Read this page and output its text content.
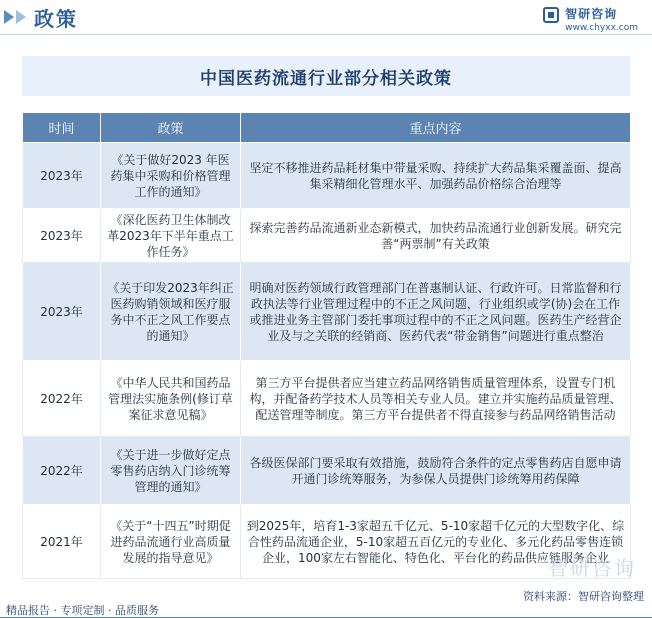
政策	智研咨询
www.chyxx.com
中国医药流通行业部分相关政策
时间	政策	重点内容
2023年	《关于做好2023 年医药集中采购和价格管理工作的通知》	坚定不移推进药品耗材集中带量采购、持续扩大药品集采覆盖面、提高集采精细化管理水平、加强药品价格综合治理等
2023年	《深化医药卫生体制改革2023年下半年重点工作任务》	探索完善药品流通新业态新模式，加快药品流通行业创新发展。研究完善“两票制”有关政策
2023年	《关于印发2023年纠正医药购销领域和医疗服务中不正之风工作要点的通知》	明确对医药领域行政管理部门在普惠制认证、行政许可。日常监督和行政执法等行业管理过程中的不正之风问题，行业组织或学(协)会在工作或推进业务主管部门委托事项过程中的不正之风问题。医药生产经营企业及与之关联的经销商、医药代表“带金销售”问题进行重点整治
2022年	《中华人民共和国药品管理法实施条例(修订草案征求意见稿》	第三方平台提供者应当建立药品网络销售质量管理体系，设置专门机构，并配备药学技术人员等相关专业人员。建立并实施药品质量管理、配送管理等制度。第三方平台提供者不得直接参与药品网络销售活动
2022年	《关于进一步做好定点零售药店纳入门诊统筹管理的通知》	各级医保部门要采取有效措施，鼓励符合条件的定点零售药店自愿申请开通门诊统筹服务，为参保人员提供门诊统筹用药保障
2021年	《关于“十四五”时期促进药品流通行业高质量发展的指导意见》	到2025年，培育1-3家超五千亿元、5-10家超千亿元的大型数字化、综合性药品流通企业，5-10家超五百亿元的专业化、多元化药品零售连锁企业，100家左右智能化、特色化、平台化的药品供应链服务企业
智研咨询
资料来源：智研咨询整理
精品报告 · 专项定制 · 品质服务
